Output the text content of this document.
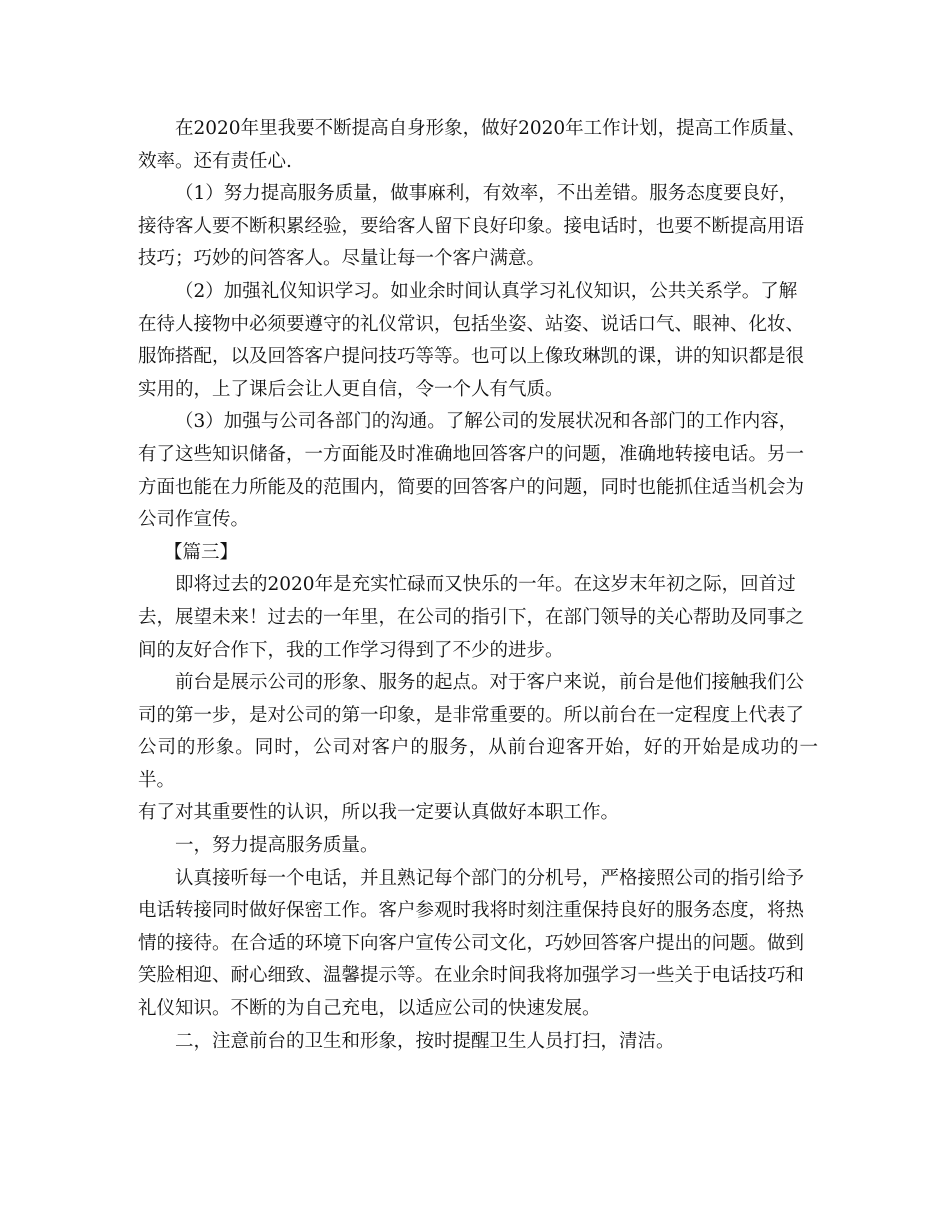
在2020年里我要不断提高自身形象，做好2020年工作计划，提高工作质量、
效率。还有责任心.

（1）努力提高服务质量，做事麻利，有效率，不出差错。服务态度要良好，
接待客人要不断积累经验，要给客人留下良好印象。接电话时，也要不断提高用语
技巧；巧妙的问答客人。尽量让每一个客户满意。

（2）加强礼仪知识学习。如业余时间认真学习礼仪知识，公共关系学。了解
在待人接物中必须要遵守的礼仪常识，包括坐姿、站姿、说话口气、眼神、化妆、
服饰搭配，以及回答客户提问技巧等等。也可以上像玫琳凯的课，讲的知识都是很
实用的，上了课后会让人更自信，令一个人有气质。

（3）加强与公司各部门的沟通。了解公司的发展状况和各部门的工作内容，
有了这些知识储备，一方面能及时准确地回答客户的问题，准确地转接电话。另一
方面也能在力所能及的范围内，简要的回答客户的问题，同时也能抓住适当机会为
公司作宣传。

【篇三】

即将过去的2020年是充实忙碌而又快乐的一年。在这岁末年初之际，回首过
去，展望未来！过去的一年里，在公司的指引下，在部门领导的关心帮助及同事之
间的友好合作下，我的工作学习得到了不少的进步。

前台是展示公司的形象、服务的起点。对于客户来说，前台是他们接触我们公
司的第一步，是对公司的第一印象，是非常重要的。所以前台在一定程度上代表了
公司的形象。同时，公司对客户的服务，从前台迎客开始，好的开始是成功的一半。
有了对其重要性的认识，所以我一定要认真做好本职工作。

一，努力提高服务质量。

认真接听每一个电话，并且熟记每个部门的分机号，严格接照公司的指引给予
电话转接同时做好保密工作。客户参观时我将时刻注重保持良好的服务态度，将热
情的接待。在合适的环境下向客户宣传公司文化，巧妙回答客户提出的问题。做到
笑脸相迎、耐心细致、温馨提示等。在业余时间我将加强学习一些关于电话技巧和
礼仪知识。不断的为自己充电，以适应公司的快速发展。

二，注意前台的卫生和形象，按时提醒卫生人员打扫，清洁。
